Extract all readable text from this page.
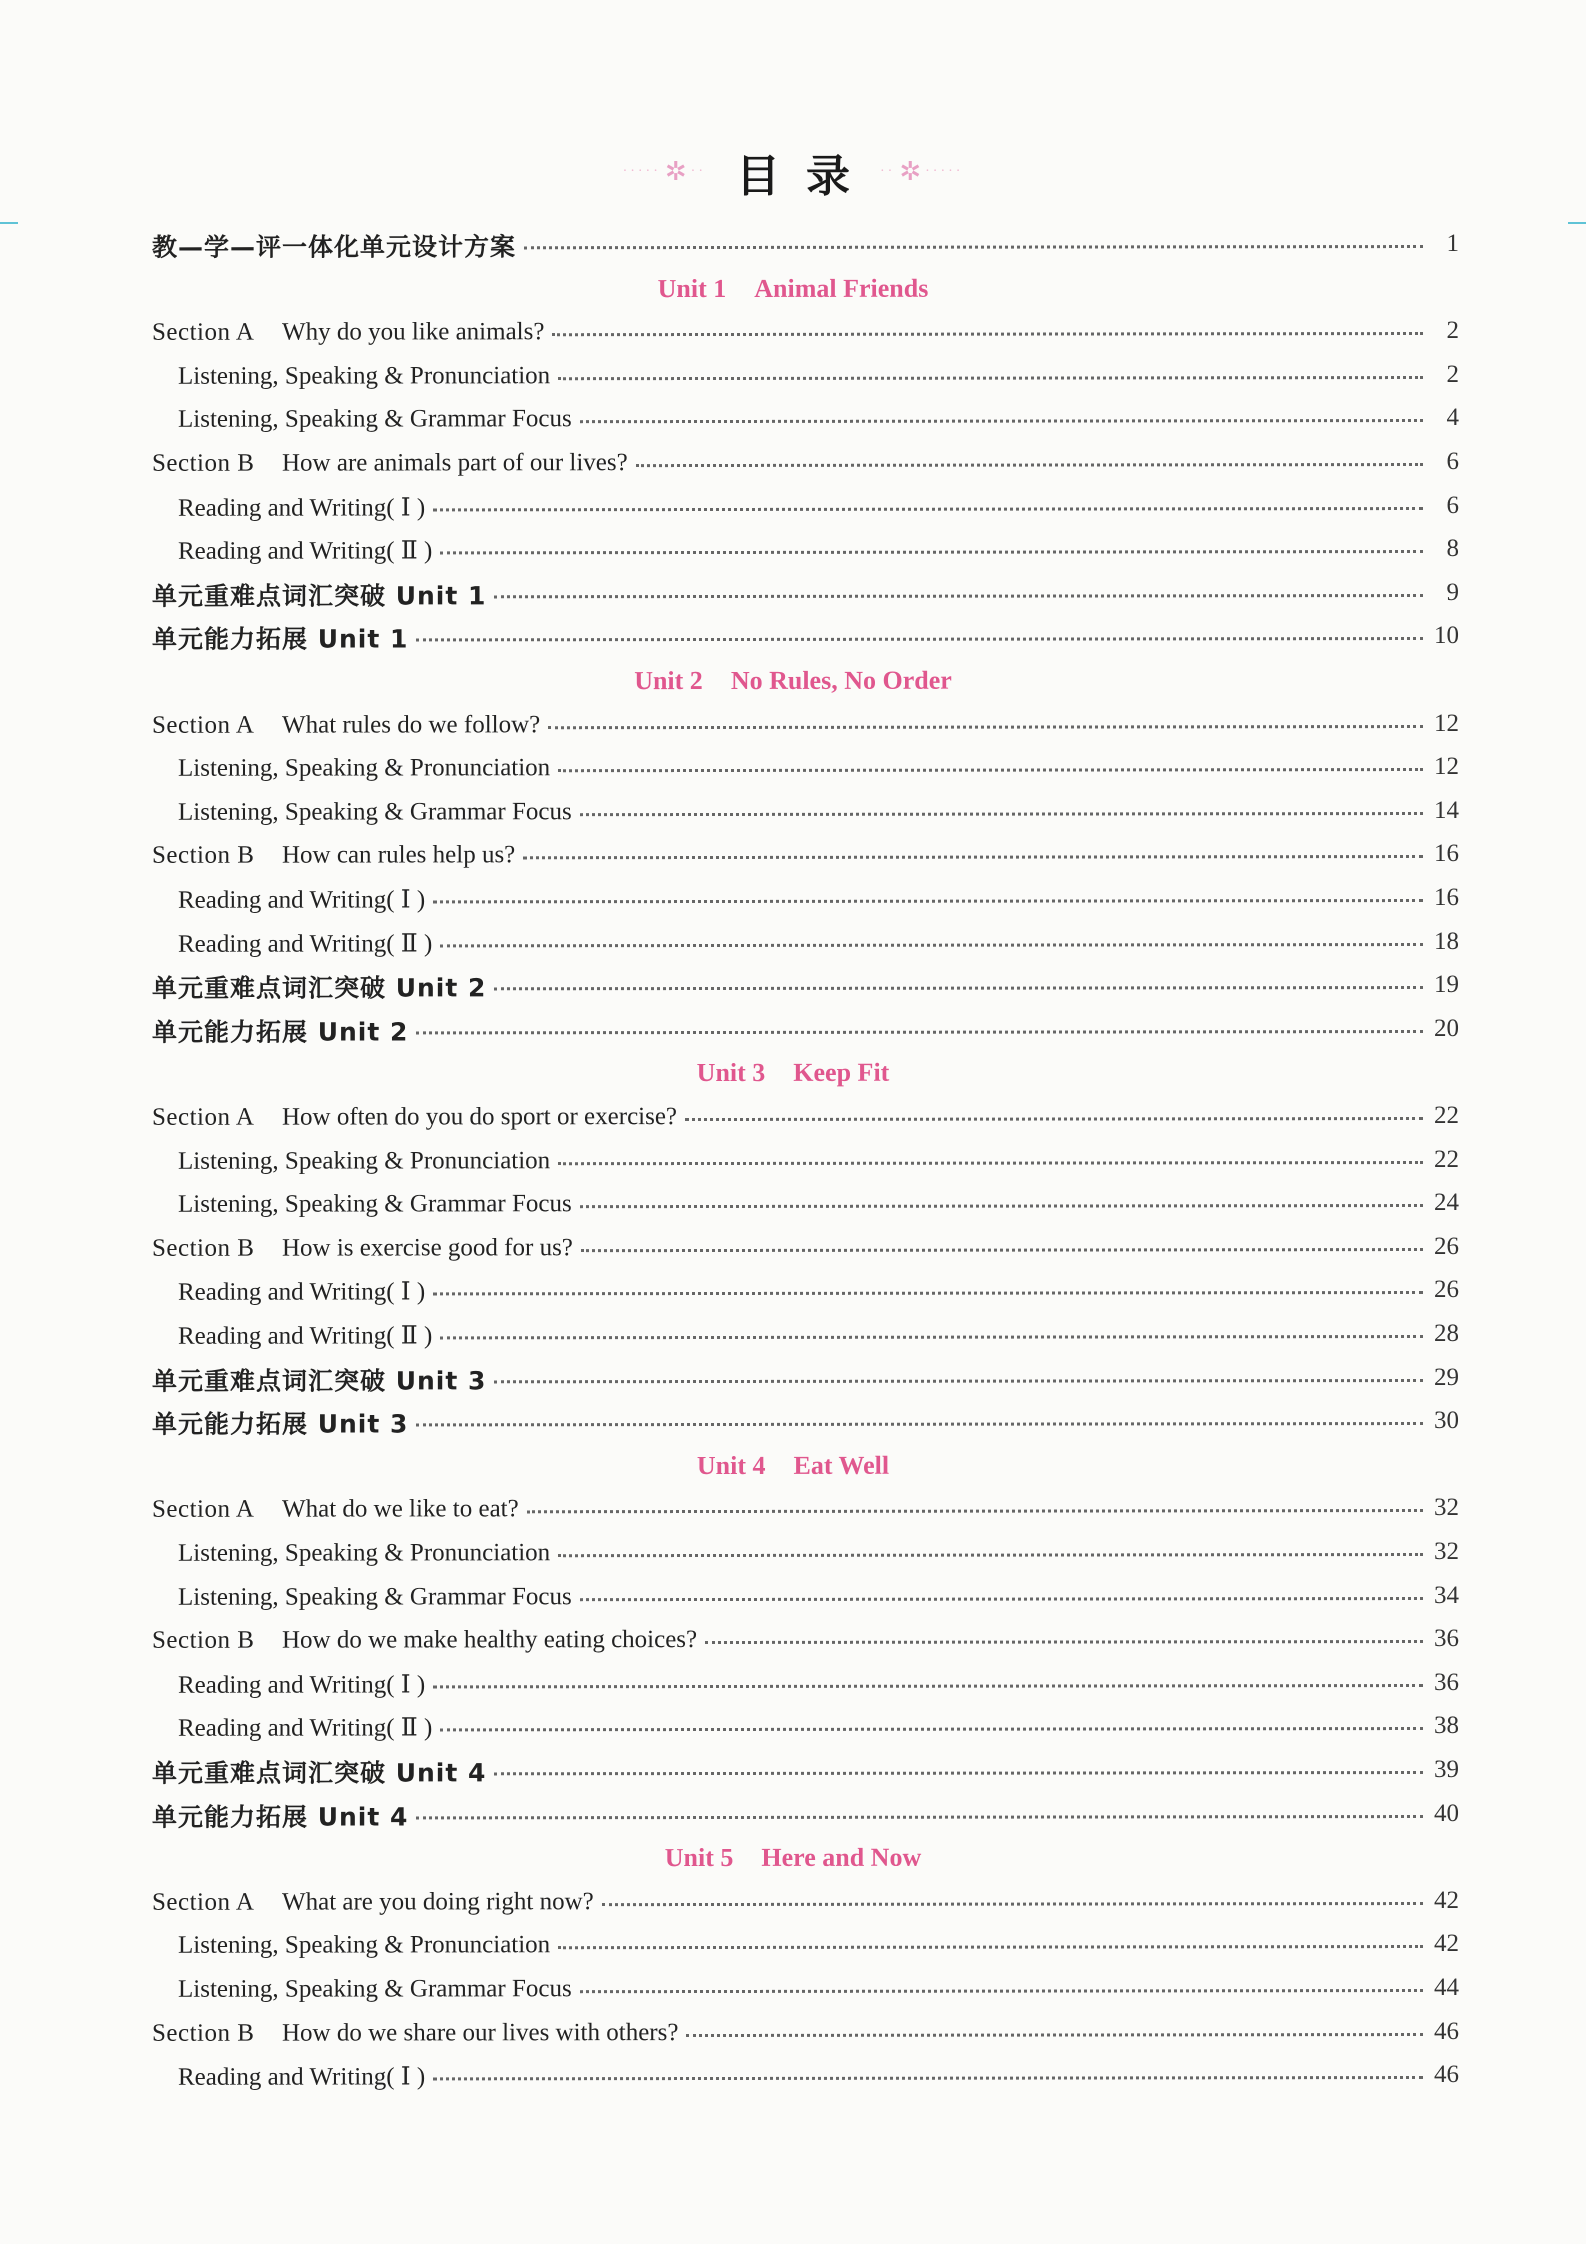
····· ✲ ·· 目录 ·· ✲ ·····
教—学—评一体化单元设计方案	1
Unit 1 Animal Friends
Section A Why do you like animals?	2
Listening, Speaking & Pronunciation	2
Listening, Speaking & Grammar Focus	4
Section B How are animals part of our lives?	6
Reading and Writing( Ⅰ )	6
Reading and Writing( Ⅱ )	8
单元重难点词汇突破 Unit 1	9
单元能力拓展 Unit 1	10
Unit 2 No Rules, No Order
Section A What rules do we follow?	12
Listening, Speaking & Pronunciation	12
Listening, Speaking & Grammar Focus	14
Section B How can rules help us?	16
Reading and Writing( Ⅰ )	16
Reading and Writing( Ⅱ )	18
单元重难点词汇突破 Unit 2	19
单元能力拓展 Unit 2	20
Unit 3 Keep Fit
Section A How often do you do sport or exercise?	22
Listening, Speaking & Pronunciation	22
Listening, Speaking & Grammar Focus	24
Section B How is exercise good for us?	26
Reading and Writing( Ⅰ )	26
Reading and Writing( Ⅱ )	28
单元重难点词汇突破 Unit 3	29
单元能力拓展 Unit 3	30
Unit 4 Eat Well
Section A What do we like to eat?	32
Listening, Speaking & Pronunciation	32
Listening, Speaking & Grammar Focus	34
Section B How do we make healthy eating choices?	36
Reading and Writing( Ⅰ )	36
Reading and Writing( Ⅱ )	38
单元重难点词汇突破 Unit 4	39
单元能力拓展 Unit 4	40
Unit 5 Here and Now
Section A What are you doing right now?	42
Listening, Speaking & Pronunciation	42
Listening, Speaking & Grammar Focus	44
Section B How do we share our lives with others?	46
Reading and Writing( Ⅰ )	46
